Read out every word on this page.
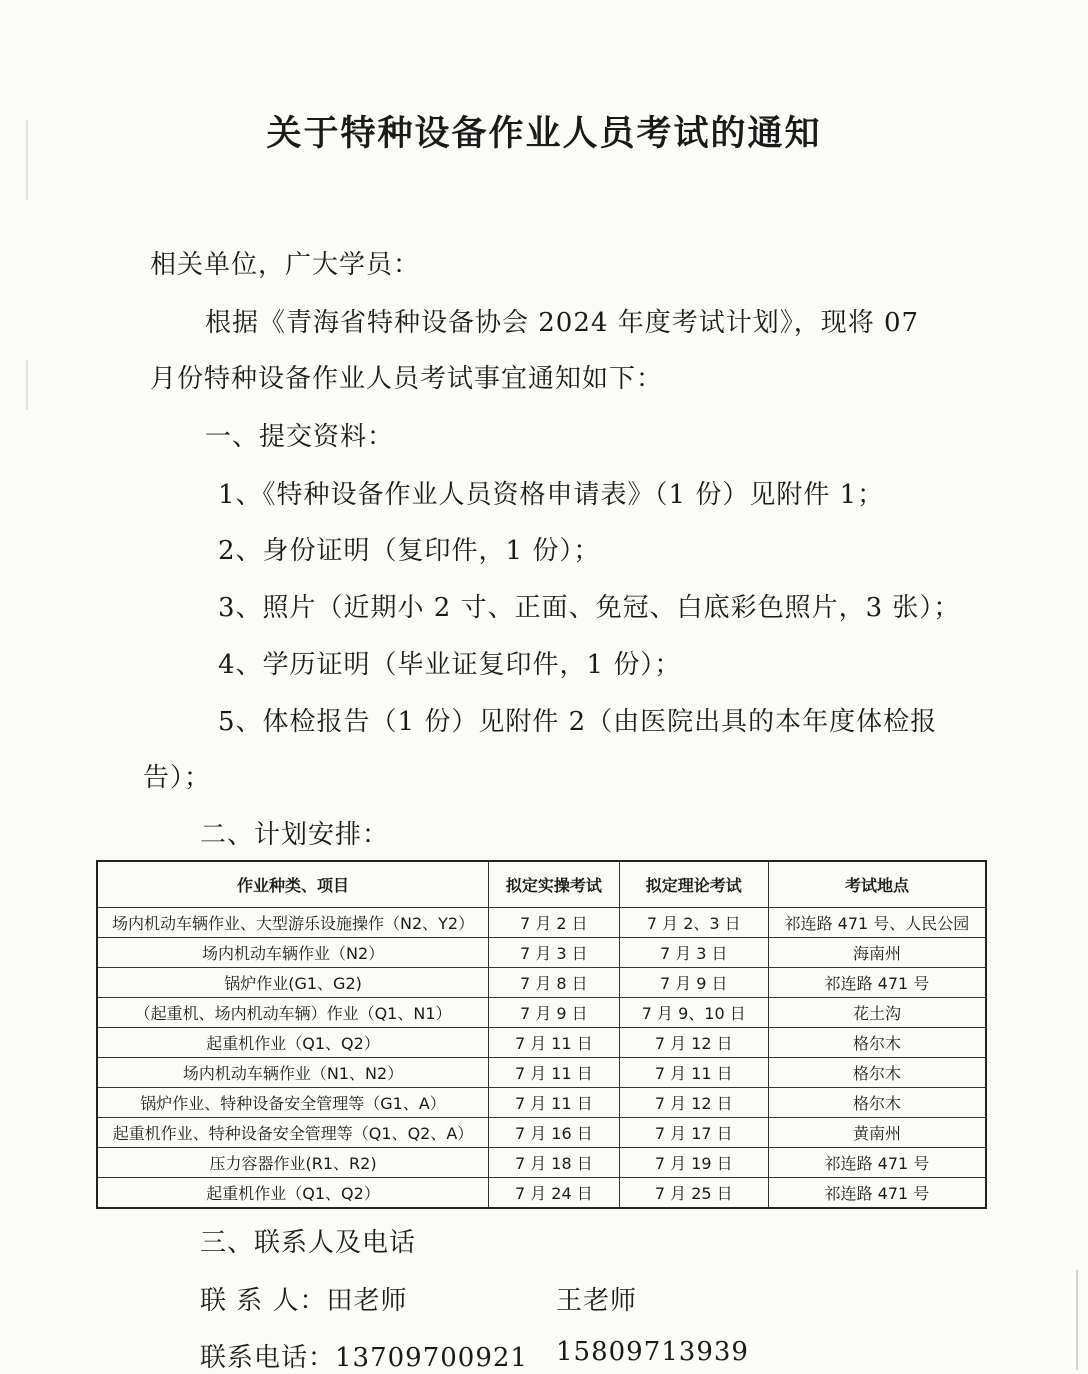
关于特种设备作业人员考试的通知
相关单位，广大学员：
根据《青海省特种设备协会 2024 年度考试计划》，现将 07
月份特种设备作业人员考试事宜通知如下：
一、提交资料：
1、《特种设备作业人员资格申请表》（1 份）见附件 1；
2、身份证明（复印件，1 份）；
3、照片（近期小 2 寸、正面、免冠、白底彩色照片，3 张）；
4、学历证明（毕业证复印件，1 份）；
5、体检报告（1 份）见附件 2（由医院出具的本年度体检报
告）；
二、计划安排：
作业种类、项目	拟定实操考试	拟定理论考试	考试地点
场内机动车辆作业、大型游乐设施操作（N2、Y2）	7 月 2 日	7 月 2、3 日	祁连路 471 号、人民公园
场内机动车辆作业（N2）	7 月 3 日	7 月 3 日	海南州
锅炉作业(G1、G2)	7 月 8 日	7 月 9 日	祁连路 471 号
（起重机、场内机动车辆）作业（Q1、N1）	7 月 9 日	7 月 9、10 日	花土沟
起重机作业（Q1、Q2）	7 月 11 日	7 月 12 日	格尔木
场内机动车辆作业（N1、N2）	7 月 11 日	7 月 11 日	格尔木
锅炉作业、特种设备安全管理等（G1、A）	7 月 11 日	7 月 12 日	格尔木
起重机作业、特种设备安全管理等（Q1、Q2、A）	7 月 16 日	7 月 17 日	黄南州
压力容器作业(R1、R2)	7 月 18 日	7 月 19 日	祁连路 471 号
起重机作业（Q1、Q2）	7 月 24 日	7 月 25 日	祁连路 471 号
三、联系人及电话
联 系 人：田老师	王老师
联系电话：13709700921 15809713939
